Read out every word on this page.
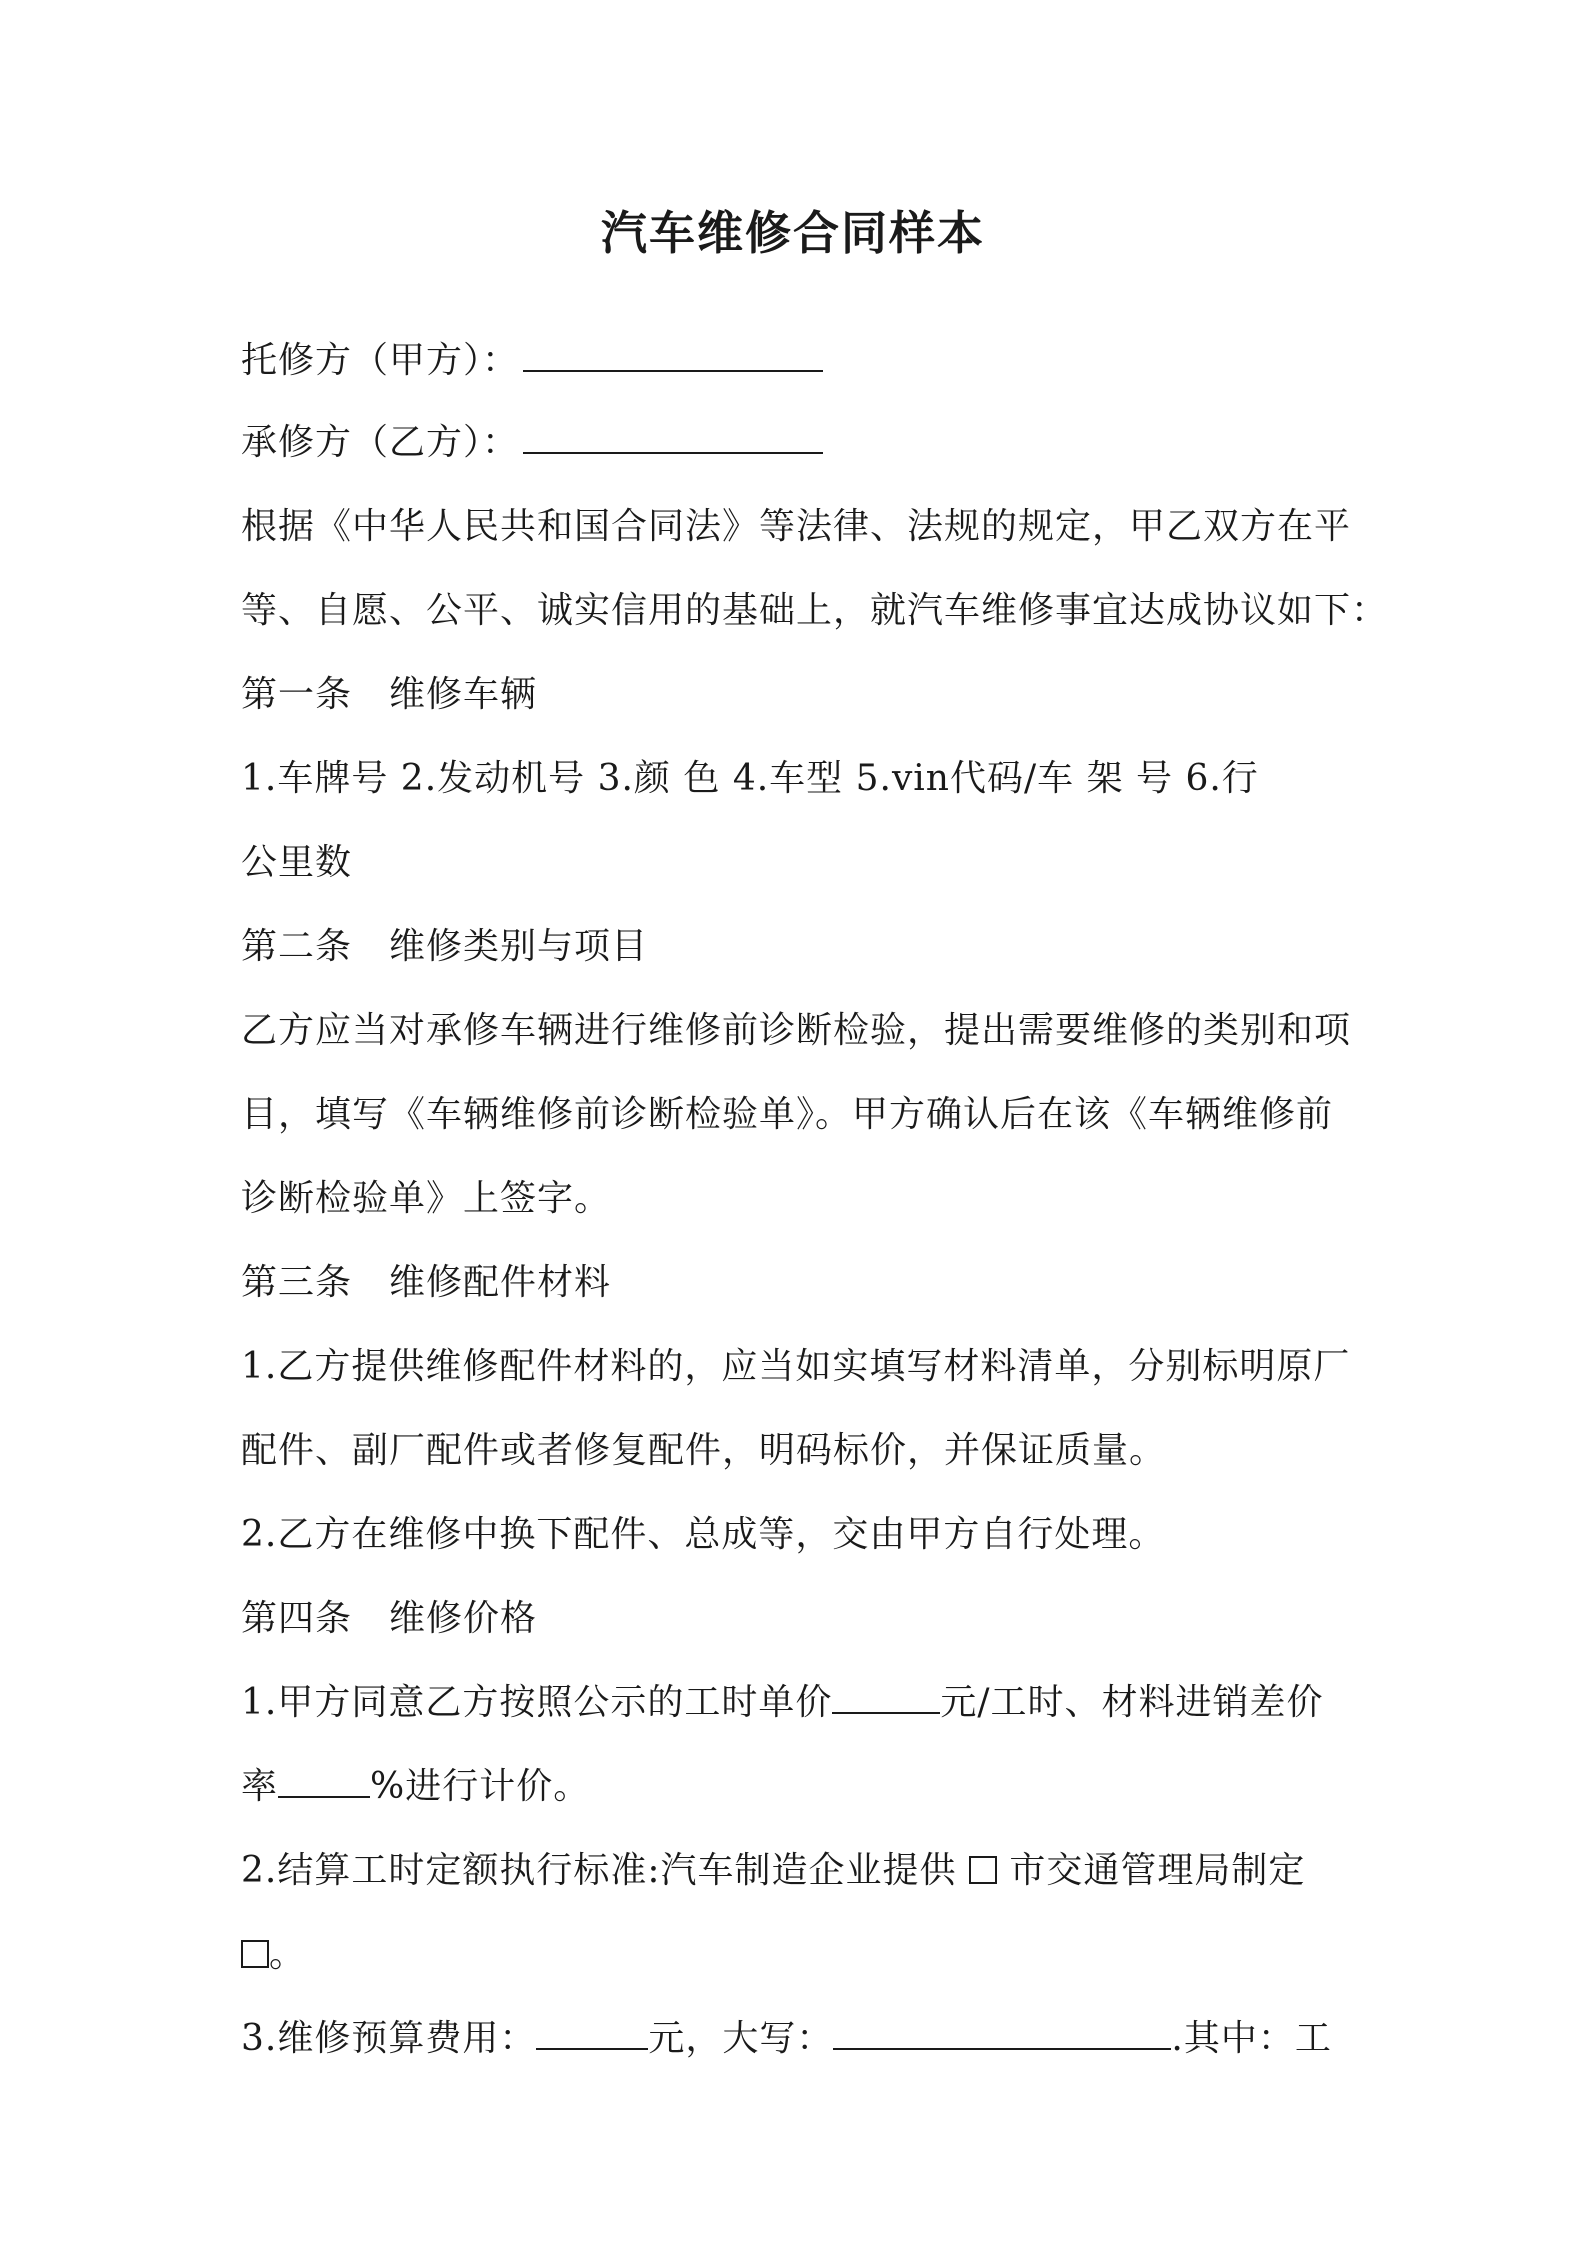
汽车维修合同样本
托修方（甲方）：
承修方（乙方）：
根据《中华人民共和国合同法》等法律、法规的规定，甲乙双方在平
等、自愿、公平、诚实信用的基础上，就汽车维修事宜达成协议如下：
第一条　维修车辆
1.车牌号 2.发动机号 3.颜 色 4.车型 5.vin代码/车 架 号 6.行
公里数
第二条　维修类别与项目
乙方应当对承修车辆进行维修前诊断检验，提出需要维修的类别和项
目，填写《车辆维修前诊断检验单》。甲方确认后在该《车辆维修前
诊断检验单》上签字。
第三条　维修配件材料
1.乙方提供维修配件材料的，应当如实填写材料清单，分别标明原厂
配件、副厂配件或者修复配件，明码标价，并保证质量。
2.乙方在维修中换下配件、总成等，交由甲方自行处理。
第四条　维修价格
1.甲方同意乙方按照公示的工时单价	元/工时、材料进销差价
率	%进行计价。
2.结算工时定额执行标准:汽车制造企业提供 市交通管理局制定
。
3.维修预算费用：	元，大写：	.其中：工
